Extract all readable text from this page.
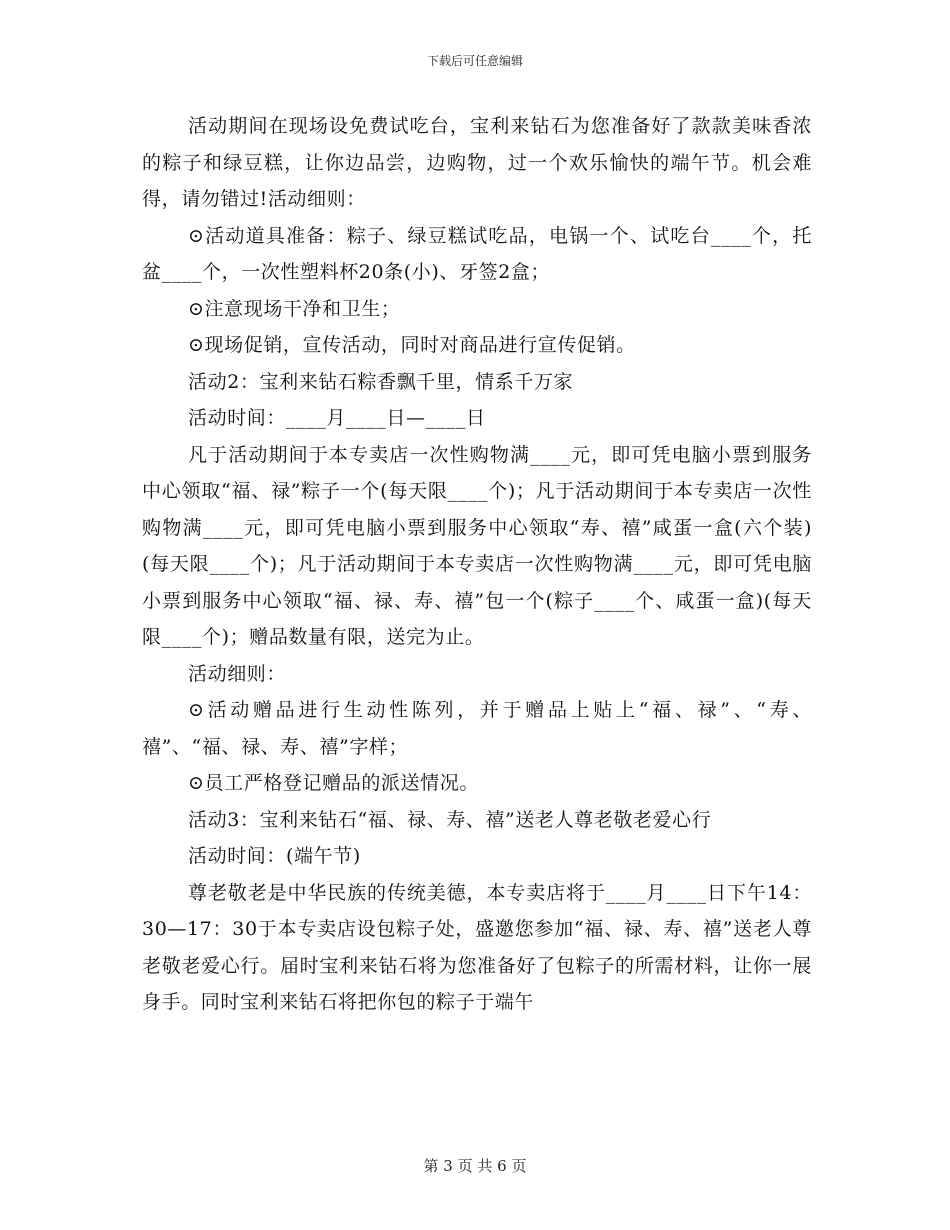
下载后可任意编辑

活动期间在现场设免费试吃台，宝利来钻石为您准备好了款款美味香浓的粽子和绿豆糕，让你边品尝，边购物，过一个欢乐愉快的端午节。机会难得，请勿错过!活动细则：

⊙活动道具准备：粽子、绿豆糕试吃品，电锅一个、试吃台____个，托盆____个，一次性塑料杯20条(小)、牙签2盒；

⊙注意现场干净和卫生；

⊙现场促销，宣传活动，同时对商品进行宣传促销。

活动2：宝利来钻石粽香飘千里，情系千万家

活动时间：____月____日—____日

凡于活动期间于本专卖店一次性购物满____元，即可凭电脑小票到服务中心领取“福、禄”粽子一个(每天限____个)；凡于活动期间于本专卖店一次性购物满____元，即可凭电脑小票到服务中心领取“寿、禧”咸蛋一盒(六个装)(每天限____个)；凡于活动期间于本专卖店一次性购物满____元，即可凭电脑小票到服务中心领取“福、禄、寿、禧”包一个(粽子____个、咸蛋一盒)(每天限____个)；赠品数量有限，送完为止。

活动细则：

⊙活动赠品进行生动性陈列，并于赠品上贴上“福、禄”、“寿、禧”、“福、禄、寿、禧”字样；

⊙员工严格登记赠品的派送情况。

活动3：宝利来钻石“福、禄、寿、禧”送老人尊老敬老爱心行

活动时间：(端午节)

尊老敬老是中华民族的传统美德，本专卖店将于____月____日下午14：30—17：30于本专卖店设包粽子处，盛邀您参加“福、禄、寿、禧”送老人尊老敬老爱心行。届时宝利来钻石将为您准备好了包粽子的所需材料，让你一展身手。同时宝利来钻石将把你包的粽子于端午

第 3 页 共 6 页
